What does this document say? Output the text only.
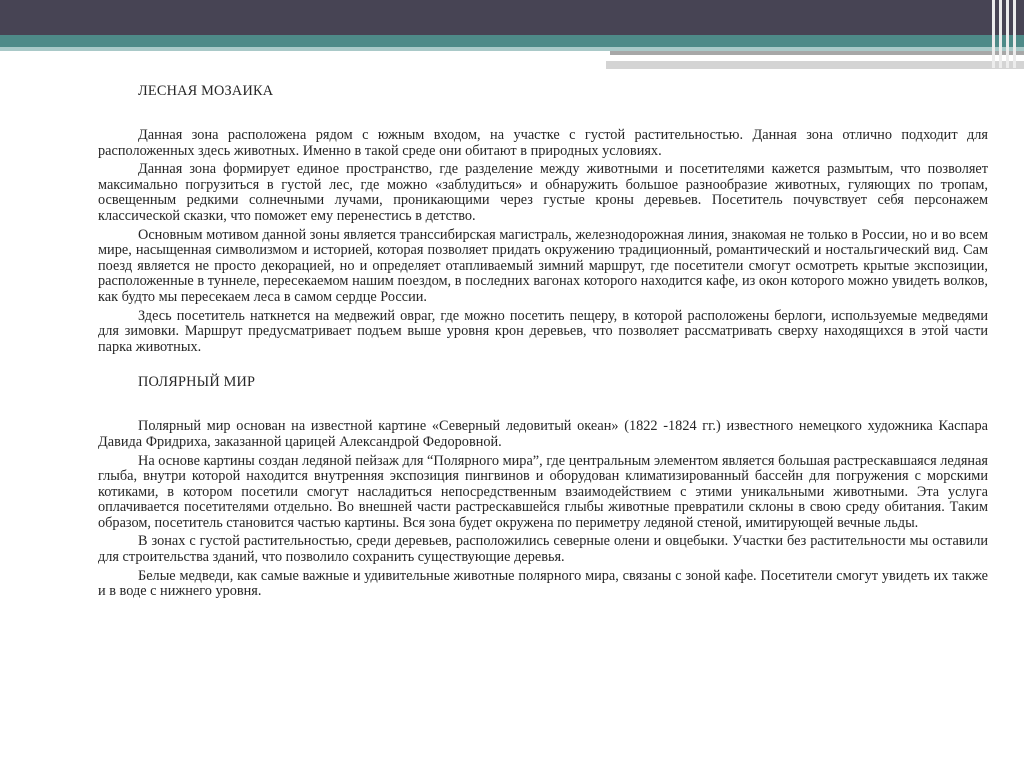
ЛЕСНАЯ МОЗАИКА

Данная зона расположена рядом с южным входом, на участке с густой растительностью. Данная зона отлично подходит для расположенных здесь животных. Именно в такой среде они обитают в природных условиях.

Данная зона формирует единое пространство, где разделение между животными и посетителями кажется размытым, что позволяет максимально погрузиться в густой лес, где можно «заблудиться» и обнаружить большое разнообразие животных, гуляющих по тропам, освещенным редкими солнечными лучами, проникающими через густые кроны деревьев. Посетитель почувствует себя персонажем классической сказки, что поможет ему перенестись в детство.

Основным мотивом данной зоны является транссибирская магистраль, железнодорожная линия, знакомая не только в России, но и во всем мире, насыщенная символизмом и историей, которая позволяет придать окружению традиционный, романтический и ностальгический вид. Сам поезд является не просто декорацией, но и определяет отапливаемый зимний маршрут, где посетители смогут осмотреть крытые экспозиции, расположенные в туннеле, пересекаемом нашим поездом, в последних вагонах которого находится кафе, из окон которого можно увидеть волков, как будто мы пересекаем леса в самом сердце России.

Здесь посетитель наткнется на медвежий овраг, где можно посетить пещеру, в которой расположены берлоги, используемые медведями для зимовки. Маршрут предусматривает подъем выше уровня крон деревьев, что позволяет рассматривать сверху находящихся в этой части парка животных.

ПОЛЯРНЫЙ МИР

Полярный мир основан на известной картине «Северный ледовитый океан» (1822 -1824 гг.) известного немецкого художника Каспара Давида Фридриха, заказанной царицей Александрой Федоровной.

На основе картины создан ледяной пейзаж для “Полярного мира”, где центральным элементом является большая растрескавшаяся ледяная глыба, внутри которой находится внутренняя экспозиция пингвинов и оборудован климатизированный бассейн для погружения с морскими котиками, в котором посетили смогут насладиться непосредственным взаимодействием с этими уникальными животными. Эта услуга оплачивается посетителями отдельно. Во внешней части растрескавшейся глыбы животные превратили склоны в свою среду обитания. Таким образом, посетитель становится частью картины. Вся зона будет окружена по периметру ледяной стеной, имитирующей вечные льды.

В зонах с густой растительностью, среди деревьев, расположились северные олени и овцебыки. Участки без растительности мы оставили для строительства зданий, что позволило сохранить существующие деревья.

Белые медведи, как самые важные и удивительные животные полярного мира, связаны с зоной кафе. Посетители смогут увидеть их также и в воде с нижнего уровня.
